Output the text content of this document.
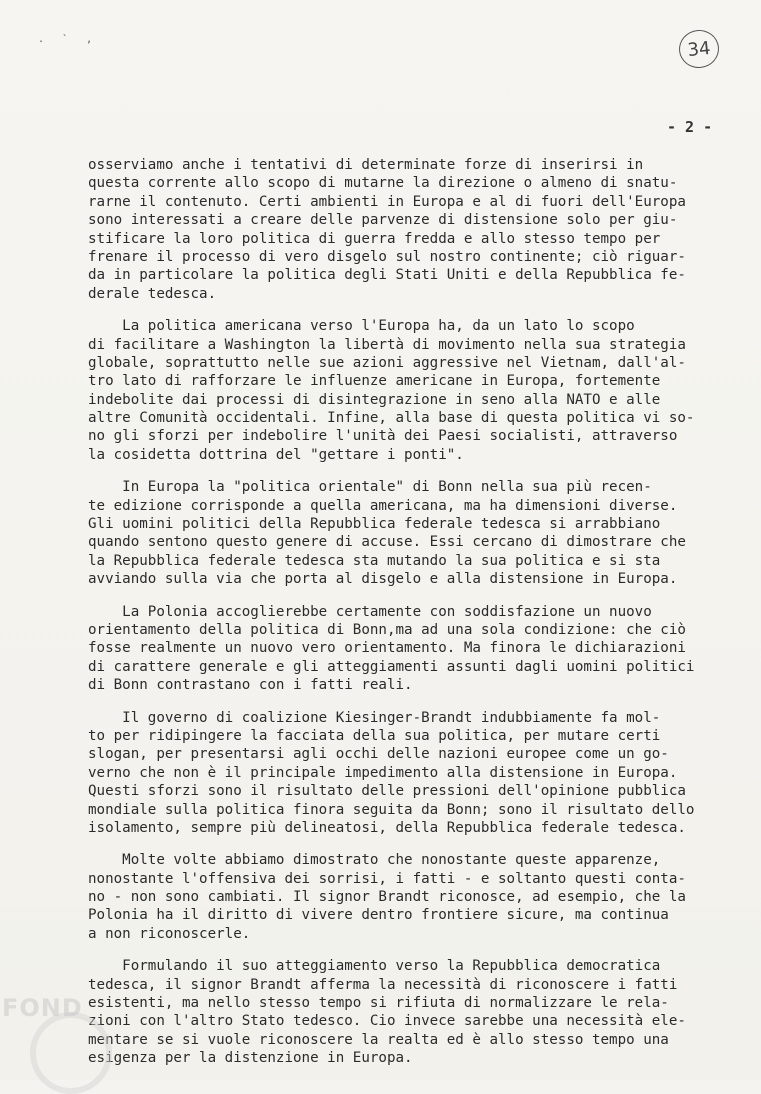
. ` ,	34
- 2 -
osserviamo anche i tentativi di determinate forze di inserirsi in
questa corrente allo scopo di mutarne la direzione o almeno di snatu-
rarne il contenuto. Certi ambienti in Europa e al di fuori dell'Europa
sono interessati a creare delle parvenze di distensione solo per giu-
stificare la loro politica di guerra fredda e allo stesso tempo per
frenare il processo di vero disgelo sul nostro continente; ciò riguar-
da in particolare la politica degli Stati Uniti e della Repubblica fe-
derale tedesca.
La politica americana verso l'Europa ha, da un lato lo scopo
di facilitare a Washington la libertà di movimento nella sua strategia
globale, soprattutto nelle sue azioni aggressive nel Vietnam, dall'al-
tro lato di rafforzare le influenze americane in Europa, fortemente
indebolite dai processi di disintegrazione in seno alla NATO e alle
altre Comunità occidentali. Infine, alla base di questa politica vi so-
no gli sforzi per indebolire l'unità dei Paesi socialisti, attraverso
la cosidetta dottrina del "gettare i ponti".
In Europa la "politica orientale" di Bonn nella sua più recen-
te edizione corrisponde a quella americana, ma ha dimensioni diverse.
Gli uomini politici della Repubblica federale tedesca si arrabbiano
quando sentono questo genere di accuse. Essi cercano di dimostrare che
la Repubblica federale tedesca sta mutando la sua politica e si sta
avviando sulla via che porta al disgelo e alla distensione in Europa.
La Polonia accoglierebbe certamente con soddisfazione un nuovo
orientamento della politica di Bonn,ma ad una sola condizione: che ciò
fosse realmente un nuovo vero orientamento. Ma finora le dichiarazioni
di carattere generale e gli atteggiamenti assunti dagli uomini politici
di Bonn contrastano con i fatti reali.
Il governo di coalizione Kiesinger-Brandt indubbiamente fa mol-
to per ridipingere la facciata della sua politica, per mutare certi
slogan, per presentarsi agli occhi delle nazioni europee come un go-
verno che non è il principale impedimento alla distensione in Europa.
Questi sforzi sono il risultato delle pressioni dell'opinione pubblica
mondiale sulla politica finora seguita da Bonn; sono il risultato dello
isolamento, sempre più delineatosi, della Repubblica federale tedesca.
Molte volte abbiamo dimostrato che nonostante queste apparenze,
nonostante l'offensiva dei sorrisi, i fatti - e soltanto questi conta-
no - non sono cambiati. Il signor Brandt riconosce, ad esempio, che la
Polonia ha il diritto di vivere dentro frontiere sicure, ma continua
a non riconoscerle.
Formulando il suo atteggiamento verso la Repubblica democratica
tedesca, il signor Brandt afferma la necessità di riconoscere i fatti
esistenti, ma nello stesso tempo si rifiuta di normalizzare le rela-
zioni con l'altro Stato tedesco. Cio invece sarebbe una necessità ele-
mentare se si vuole riconoscere la realta ed è allo stesso tempo una
esigenza per la distenzione in Europa.
FOND
